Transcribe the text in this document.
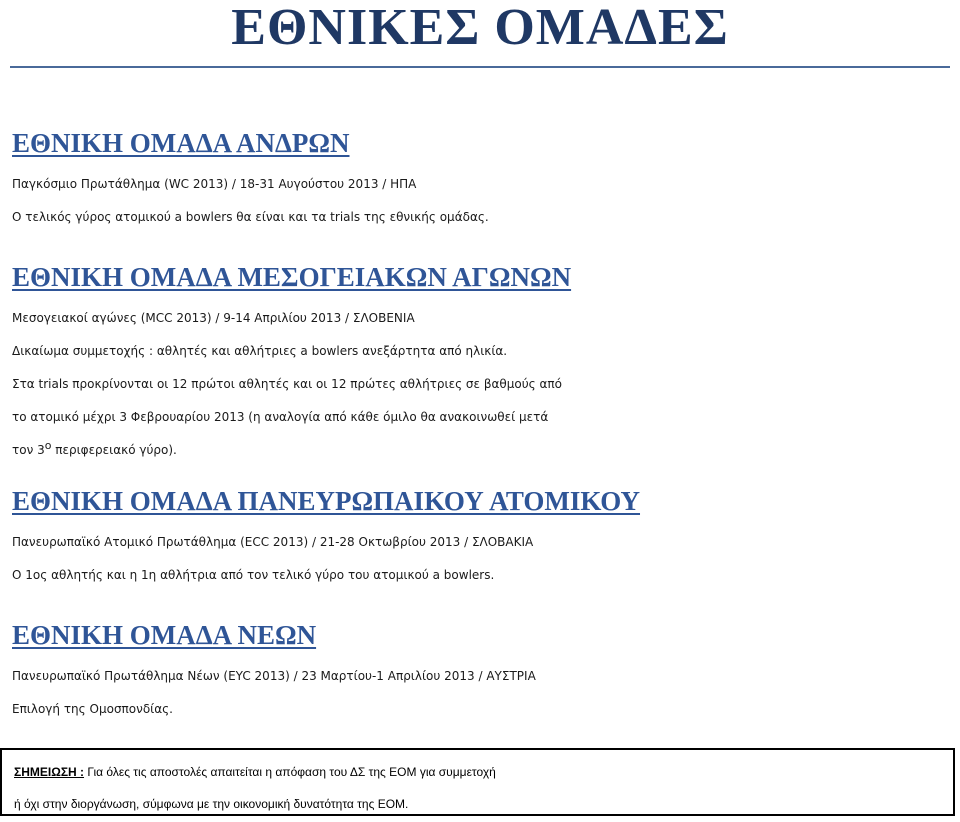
ΕΘΝΙΚΕΣ ΟΜΑΔΕΣ
ΕΘΝΙΚΗ ΟΜΑΔΑ ΑΝΔΡΩΝ
Παγκόσμιο Πρωτάθλημα (WC 2013) / 18-31 Αυγούστου 2013 / ΗΠΑ
Ο τελικός γύρος ατομικού a bowlers θα είναι και τα trials της εθνικής ομάδας.
ΕΘΝΙΚΗ ΟΜΑΔΑ ΜΕΣΟΓΕΙΑΚΩΝ ΑΓΩΝΩΝ
Μεσογειακοί αγώνες (MCC 2013) / 9-14 Απριλίου 2013 / ΣΛΟΒΕΝΙΑ
Δικαίωμα συμμετοχής : αθλητές και αθλήτριες a bowlers ανεξάρτητα από ηλικία.
Στα trials προκρίνονται οι 12 πρώτοι αθλητές και οι 12 πρώτες αθλήτριες σε βαθμούς από
το ατομικό μέχρι 3 Φεβρουαρίου 2013 (η αναλογία από κάθε όμιλο θα ανακοινωθεί μετά
τον 3ο περιφερειακό γύρο).
ΕΘΝΙΚΗ ΟΜΑΔΑ ΠΑΝΕΥΡΩΠΑΙΚΟΥ ΑΤΟΜΙΚΟΥ
Πανευρωπαϊκό Ατομικό Πρωτάθλημα (ECC 2013) / 21-28 Οκτωβρίου 2013 / ΣΛΟΒΑΚΙΑ
Ο 1ος αθλητής και η 1η αθλήτρια από τον τελικό γύρο του ατομικού a bowlers.
ΕΘΝΙΚΗ ΟΜΑΔΑ ΝΕΩΝ
Πανευρωπαϊκό Πρωτάθλημα Νέων (EYC 2013) / 23 Μαρτίου-1 Απριλίου 2013 / ΑΥΣΤΡΙΑ
Επιλογή της Ομοσπονδίας.
ΣΗΜΕΙΩΣΗ : Για όλες τις αποστολές απαιτείται η απόφαση του ΔΣ της ΕΟΜ για συμμετοχή
ή όχι στην διοργάνωση, σύμφωνα με την οικονομική δυνατότητα της ΕΟΜ.
